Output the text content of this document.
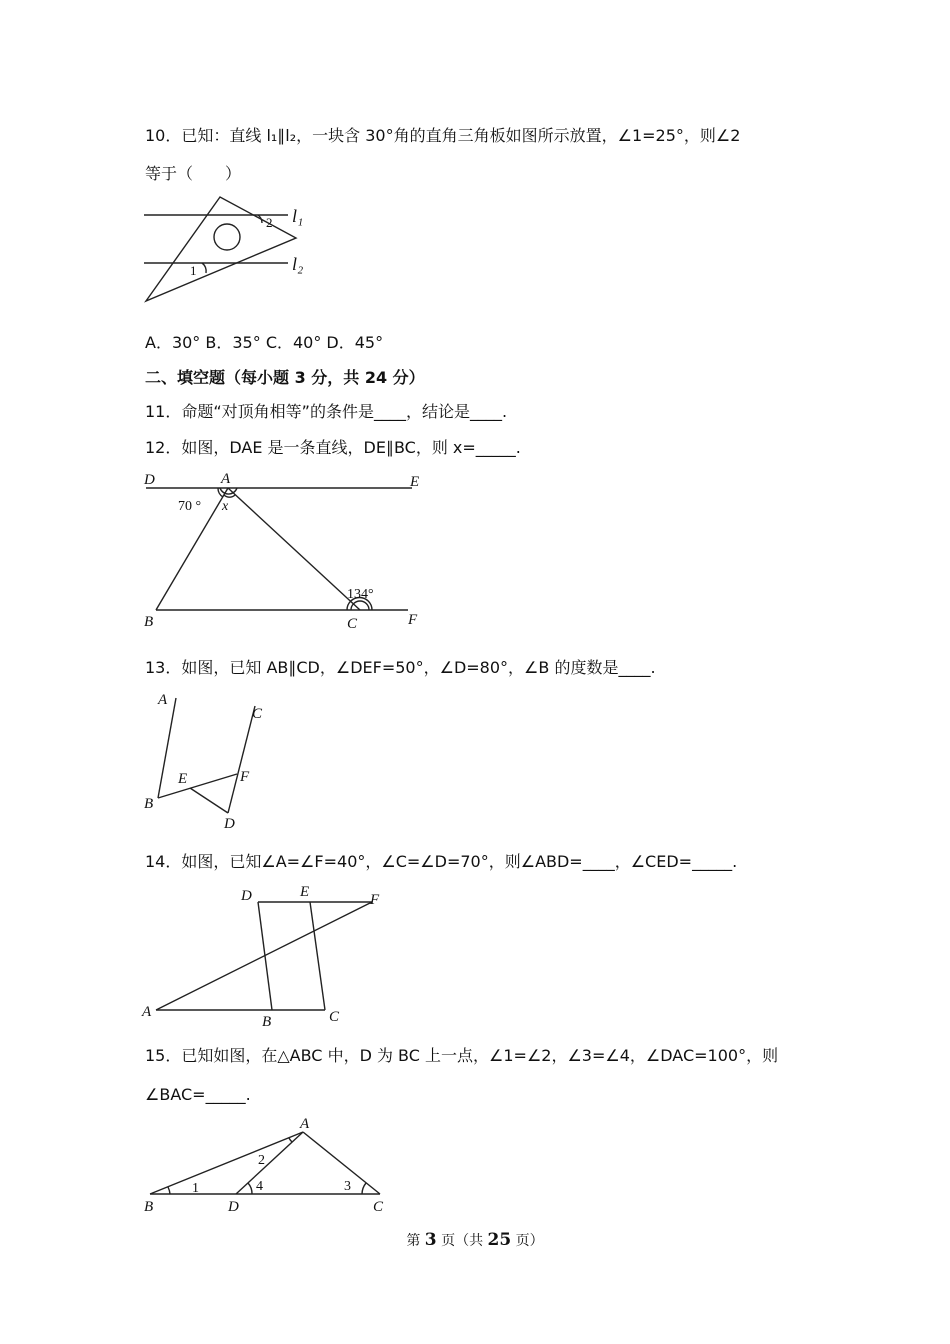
10．已知：直线 l₁∥l₂，一块含 30°角的直角三角板如图所示放置，∠1=25°，则∠2
等于（　　）
2
1
l₁
l₂
A．30° B．35° C．40° D．45°
二、填空题（每小题 3 分，共 24 分）
11．命题“对顶角相等”的条件是____，结论是____.
12．如图，DAE 是一条直线，DE∥BC，则 x=_____.
D	A	E
70 ° x
134°
B	C	F
13．如图，已知 AB∥CD，∠DEF=50°，∠D=80°，∠B 的度数是____.
A
C
E	F
B
D
14．如图，已知∠A=∠F=40°，∠C=∠D=70°，则∠ABD=____，∠CED=_____.
D	E	F
A
B	C
15．已知如图，在△ABC 中，D 为 BC 上一点，∠1=∠2，∠3=∠4，∠DAC=100°，则
∠BAC=_____.
A
2
1	4	3
B	D	C
第 3 页（共 25 页）
